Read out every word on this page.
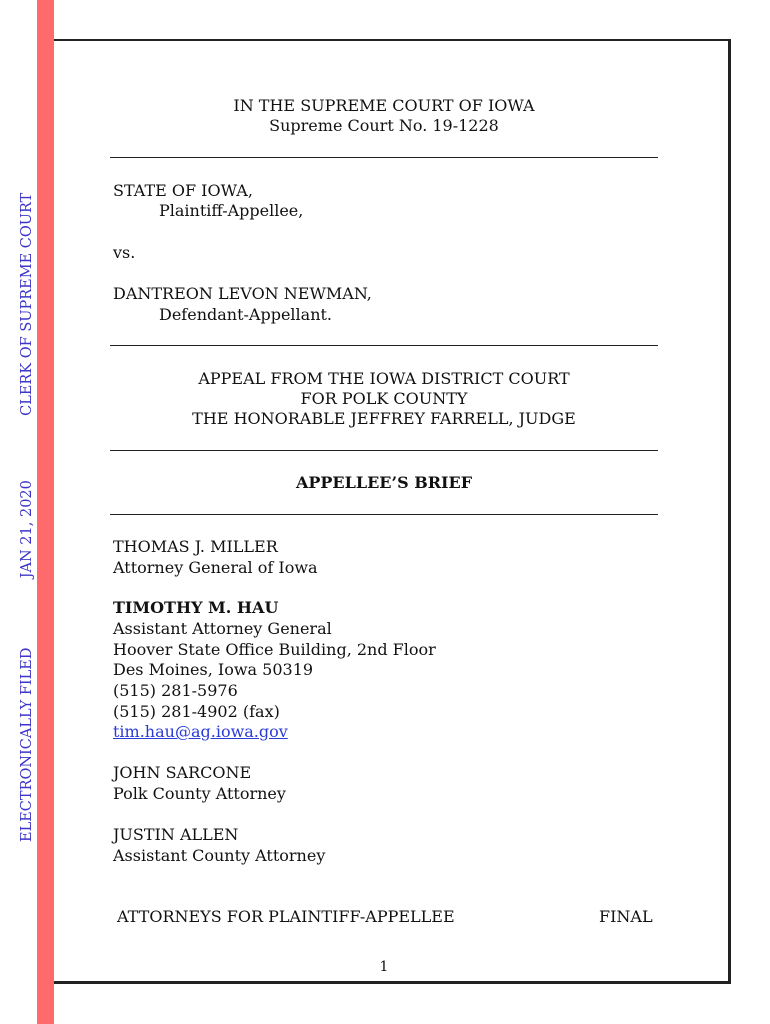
ELECTRONICALLY FILED  JAN 21, 2020  CLERK OF SUPREME COURT
IN THE SUPREME COURT OF IOWA
Supreme Court No. 19-1228
STATE OF IOWA,
Plaintiff-Appellee,
vs.
DANTREON LEVON NEWMAN,
Defendant-Appellant.
APPEAL FROM THE IOWA DISTRICT COURT
FOR POLK COUNTY
THE HONORABLE JEFFREY FARRELL, JUDGE
APPELLEE’S BRIEF
THOMAS J. MILLER
Attorney General of Iowa
TIMOTHY M. HAU
Assistant Attorney General
Hoover State Office Building, 2nd Floor
Des Moines, Iowa 50319
(515) 281-5976
(515) 281-4902 (fax)
tim.hau@ag.iowa.gov
JOHN SARCONE
Polk County Attorney
JUSTIN ALLEN
Assistant County Attorney
ATTORNEYS FOR PLAINTIFF-APPELLEE	FINAL
1
